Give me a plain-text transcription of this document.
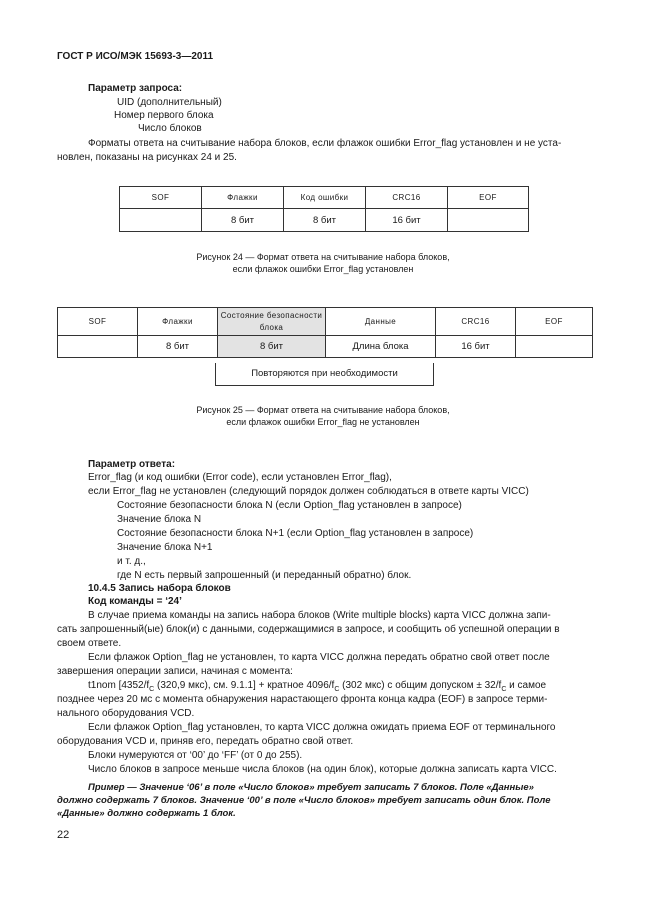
ГОСТ Р ИСО/МЭК 15693-3—2011
Параметр запроса:
UID (дополнительный)
Номер первого блока
Число блоков
Форматы ответа на считывание набора блоков, если флажок ошибки Error_flag установлен и не уста-
новлен, показаны на рисунках 24 и 25.
SOF	Флажки	Код ошибки	CRC16	EOF
	8 бит	8 бит	16 бит	
Рисунок 24 — Формат ответа на считывание набора блоков,
если флажок ошибки Error_flag установлен
SOF	Флажки	Состояние безопасности блока	Данные	CRC16	EOF
	8 бит	8 бит	Длина блока	16 бит	
Повторяются при необходимости
Рисунок 25 — Формат ответа на считывание набора блоков,
если флажок ошибки Error_flag не установлен
Параметр ответа:
Error_flag (и код ошибки (Error code), если установлен Error_flag),
если Error_flag не установлен (следующий порядок должен соблюдаться в ответе карты VICC)
Состояние безопасности блока N (если Option_flag установлен в запросе)
Значение блока N
Состояние безопасности блока N+1 (если Option_flag установлен в запросе)
Значение блока N+1
и т. д.,
где N есть первый запрошенный (и переданный обратно) блок.
10.4.5 Запись набора блоков
Код команды = ‘24’
В случае приема команды на запись набора блоков (Write multiple blocks) карта VICC должна запи-
сать запрошенный(ые) блок(и) с данными, содержащимися в запросе, и сообщить об успешной операции в
своем ответе.
Если флажок Option_flag не установлен, то карта VICC должна передать обратно свой ответ после
завершения операции записи, начиная с момента:
t1nom [$4352/f_C$ (320,9 мкс), см. 9.1.1] + кратное $4096/f_C$ (302 мкс) с общим допуском ± $32/f_C$ и самое
позднее через 20 мс с момента обнаружения нарастающего фронта конца кадра (EOF) в запросе терми-
нального оборудования VCD.
Если флажок Option_flag установлен, то карта VICC должна ожидать приема EOF от терминального
оборудования VCD и, приняв его, передать обратно свой ответ.
Блоки нумеруются от ‘00’ до ‘FF’ (от 0 до 255).
Число блоков в запросе меньше числа блоков (на один блок), которые должна записать карта VICC.
Пример — Значение ‘06’ в поле «Число блоков» требует записать 7 блоков. Поле «Данные»
должно содержать 7 блоков. Значение ‘00’ в поле «Число блоков» требует записать один блок. Поле
«Данные» должно содержать 1 блок.
22
